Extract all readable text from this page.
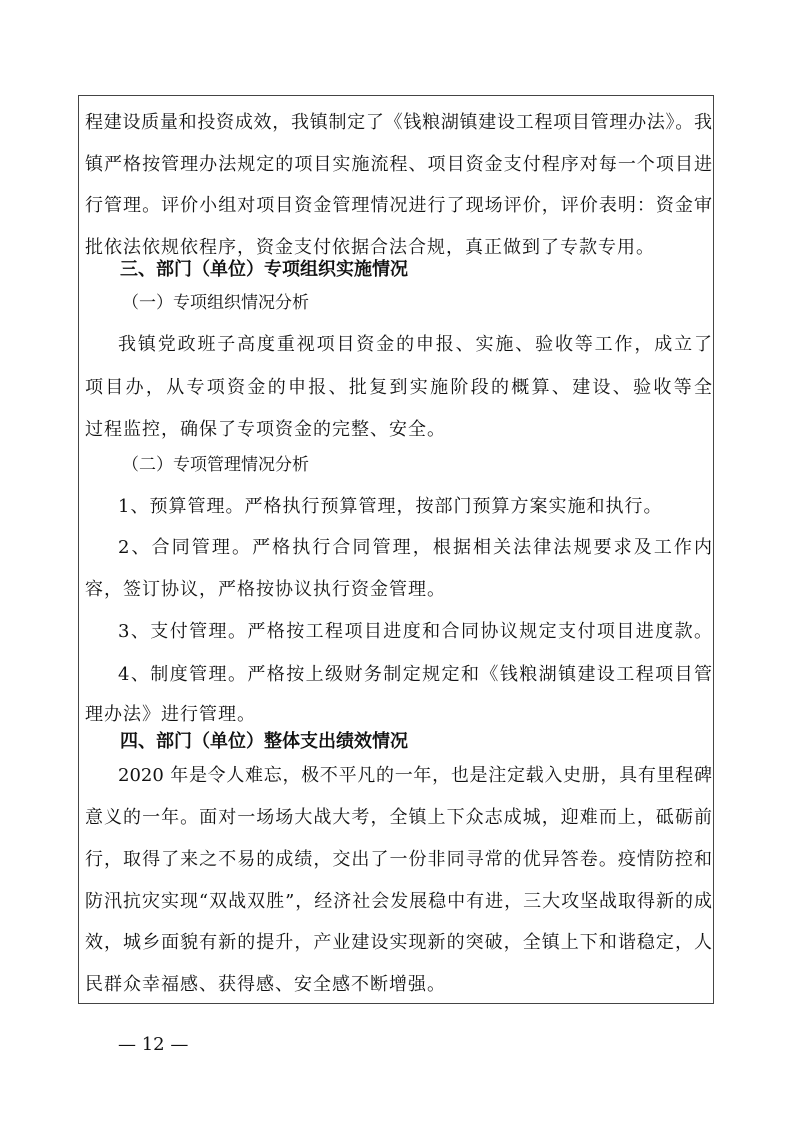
程建设质量和投资成效，我镇制定了《钱粮湖镇建设工程项目管理办法》。我
镇严格按管理办法规定的项目实施流程、项目资金支付程序对每一个项目进
行管理。评价小组对项目资金管理情况进行了现场评价，评价表明：资金审
批依法依规依程序，资金支付依据合法合规，真正做到了专款专用。
三、部门（单位）专项组织实施情况
（一）专项组织情况分析
我镇党政班子高度重视项目资金的申报、实施、验收等工作，成立了
项目办，从专项资金的申报、批复到实施阶段的概算、建设、验收等全
过程监控，确保了专项资金的完整、安全。
（二）专项管理情况分析
1、预算管理。严格执行预算管理，按部门预算方案实施和执行。
2、合同管理。严格执行合同管理，根据相关法律法规要求及工作内
容，签订协议，严格按协议执行资金管理。
3、支付管理。严格按工程项目进度和合同协议规定支付项目进度款。
4、制度管理。严格按上级财务制定规定和《钱粮湖镇建设工程项目管
理办法》进行管理。
四、部门（单位）整体支出绩效情况
2020 年是令人难忘，极不平凡的一年，也是注定载入史册，具有里程碑
意义的一年。面对一场场大战大考，全镇上下众志成城，迎难而上，砥砺前
行，取得了来之不易的成绩，交出了一份非同寻常的优异答卷。疫情防控和
防汛抗灾实现“双战双胜”，经济社会发展稳中有进，三大攻坚战取得新的成
效，城乡面貌有新的提升，产业建设实现新的突破，全镇上下和谐稳定，人
民群众幸福感、获得感、安全感不断增强。
— 12 —
